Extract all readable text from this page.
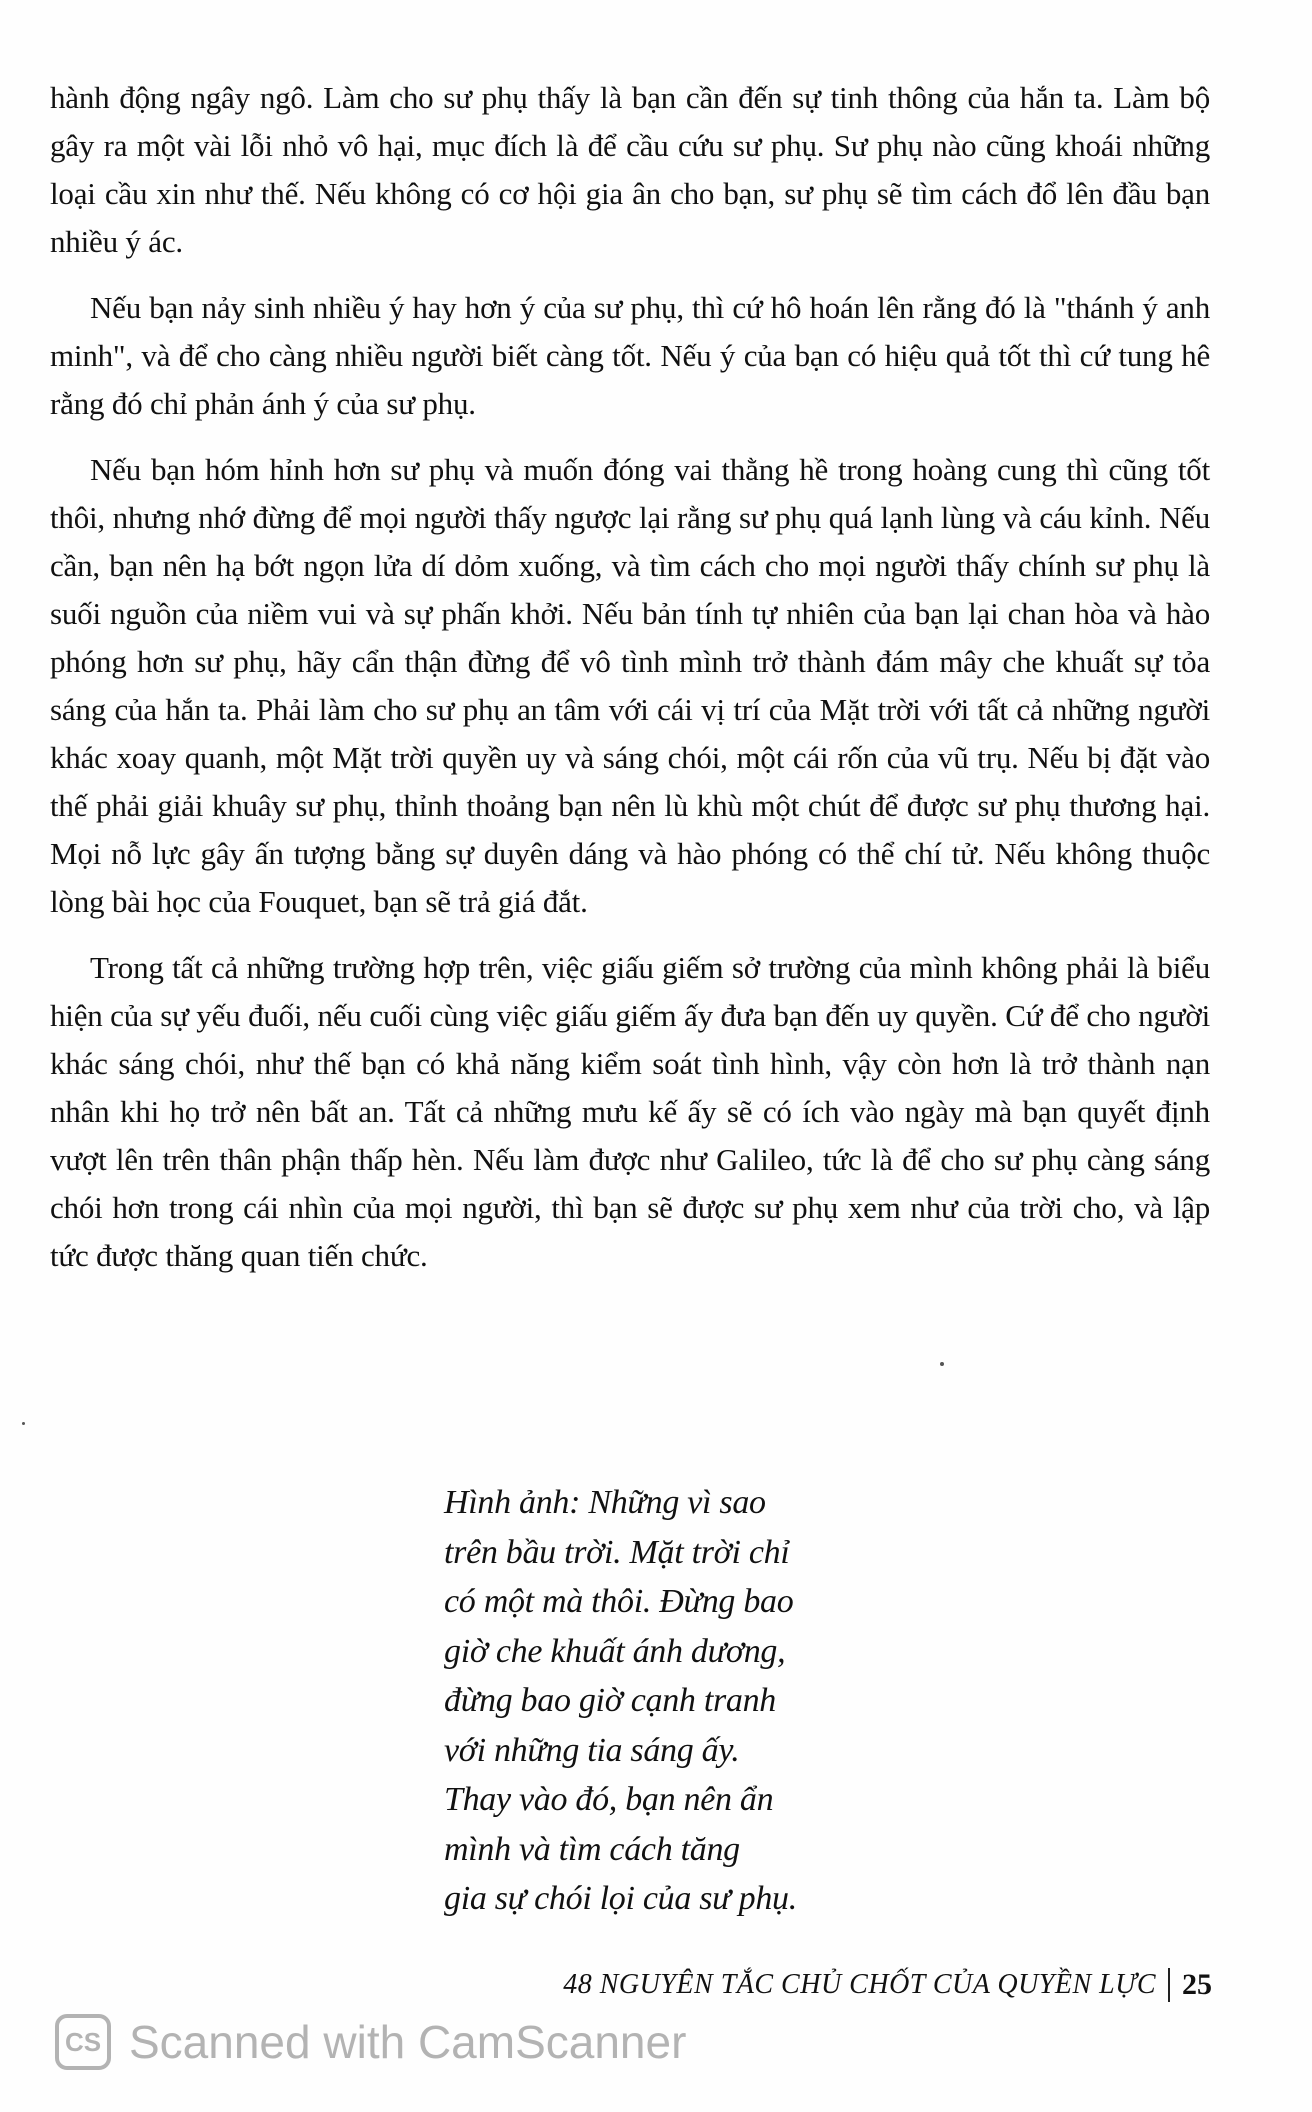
hành động ngây ngô. Làm cho sư phụ thấy là bạn cần đến sự tinh thông của hắn ta. Làm bộ gây ra một vài lỗi nhỏ vô hại, mục đích là để cầu cứu sư phụ. Sư phụ nào cũng khoái những loại cầu xin như thế. Nếu không có cơ hội gia ân cho bạn, sư phụ sẽ tìm cách đổ lên đầu bạn nhiều ý ác.

Nếu bạn nảy sinh nhiều ý hay hơn ý của sư phụ, thì cứ hô hoán lên rằng đó là "thánh ý anh minh", và để cho càng nhiều người biết càng tốt. Nếu ý của bạn có hiệu quả tốt thì cứ tung hê rằng đó chỉ phản ánh ý của sư phụ.

Nếu bạn hóm hỉnh hơn sư phụ và muốn đóng vai thằng hề trong hoàng cung thì cũng tốt thôi, nhưng nhớ đừng để mọi người thấy ngược lại rằng sư phụ quá lạnh lùng và cáu kỉnh. Nếu cần, bạn nên hạ bớt ngọn lửa dí dỏm xuống, và tìm cách cho mọi người thấy chính sư phụ là suối nguồn của niềm vui và sự phấn khởi. Nếu bản tính tự nhiên của bạn lại chan hòa và hào phóng hơn sư phụ, hãy cẩn thận đừng để vô tình mình trở thành đám mây che khuất sự tỏa sáng của hắn ta. Phải làm cho sư phụ an tâm với cái vị trí của Mặt trời với tất cả những người khác xoay quanh, một Mặt trời quyền uy và sáng chói, một cái rốn của vũ trụ. Nếu bị đặt vào thế phải giải khuây sư phụ, thỉnh thoảng bạn nên lù khù một chút để được sư phụ thương hại. Mọi nỗ lực gây ấn tượng bằng sự duyên dáng và hào phóng có thể chí tử. Nếu không thuộc lòng bài học của Fouquet, bạn sẽ trả giá đắt.

Trong tất cả những trường hợp trên, việc giấu giếm sở trường của mình không phải là biểu hiện của sự yếu đuối, nếu cuối cùng việc giấu giếm ấy đưa bạn đến uy quyền. Cứ để cho người khác sáng chói, như thế bạn có khả năng kiểm soát tình hình, vậy còn hơn là trở thành nạn nhân khi họ trở nên bất an. Tất cả những mưu kế ấy sẽ có ích vào ngày mà bạn quyết định vượt lên trên thân phận thấp hèn. Nếu làm được như Galileo, tức là để cho sư phụ càng sáng chói hơn trong cái nhìn của mọi người, thì bạn sẽ được sư phụ xem như của trời cho, và lập tức được thăng quan tiến chức.

Hình ảnh: Những vì sao
trên bầu trời. Mặt trời chỉ
có một mà thôi. Đừng bao
giờ che khuất ánh dương,
đừng bao giờ cạnh tranh
với những tia sáng ấy.
Thay vào đó, bạn nên ẩn
mình và tìm cách tăng
gia sự chói lọi của sư phụ.
48 NGUYÊN TẮC CHỦ CHỐT CỦA QUYỀN LỰC 25
CS Scanned with CamScanner
